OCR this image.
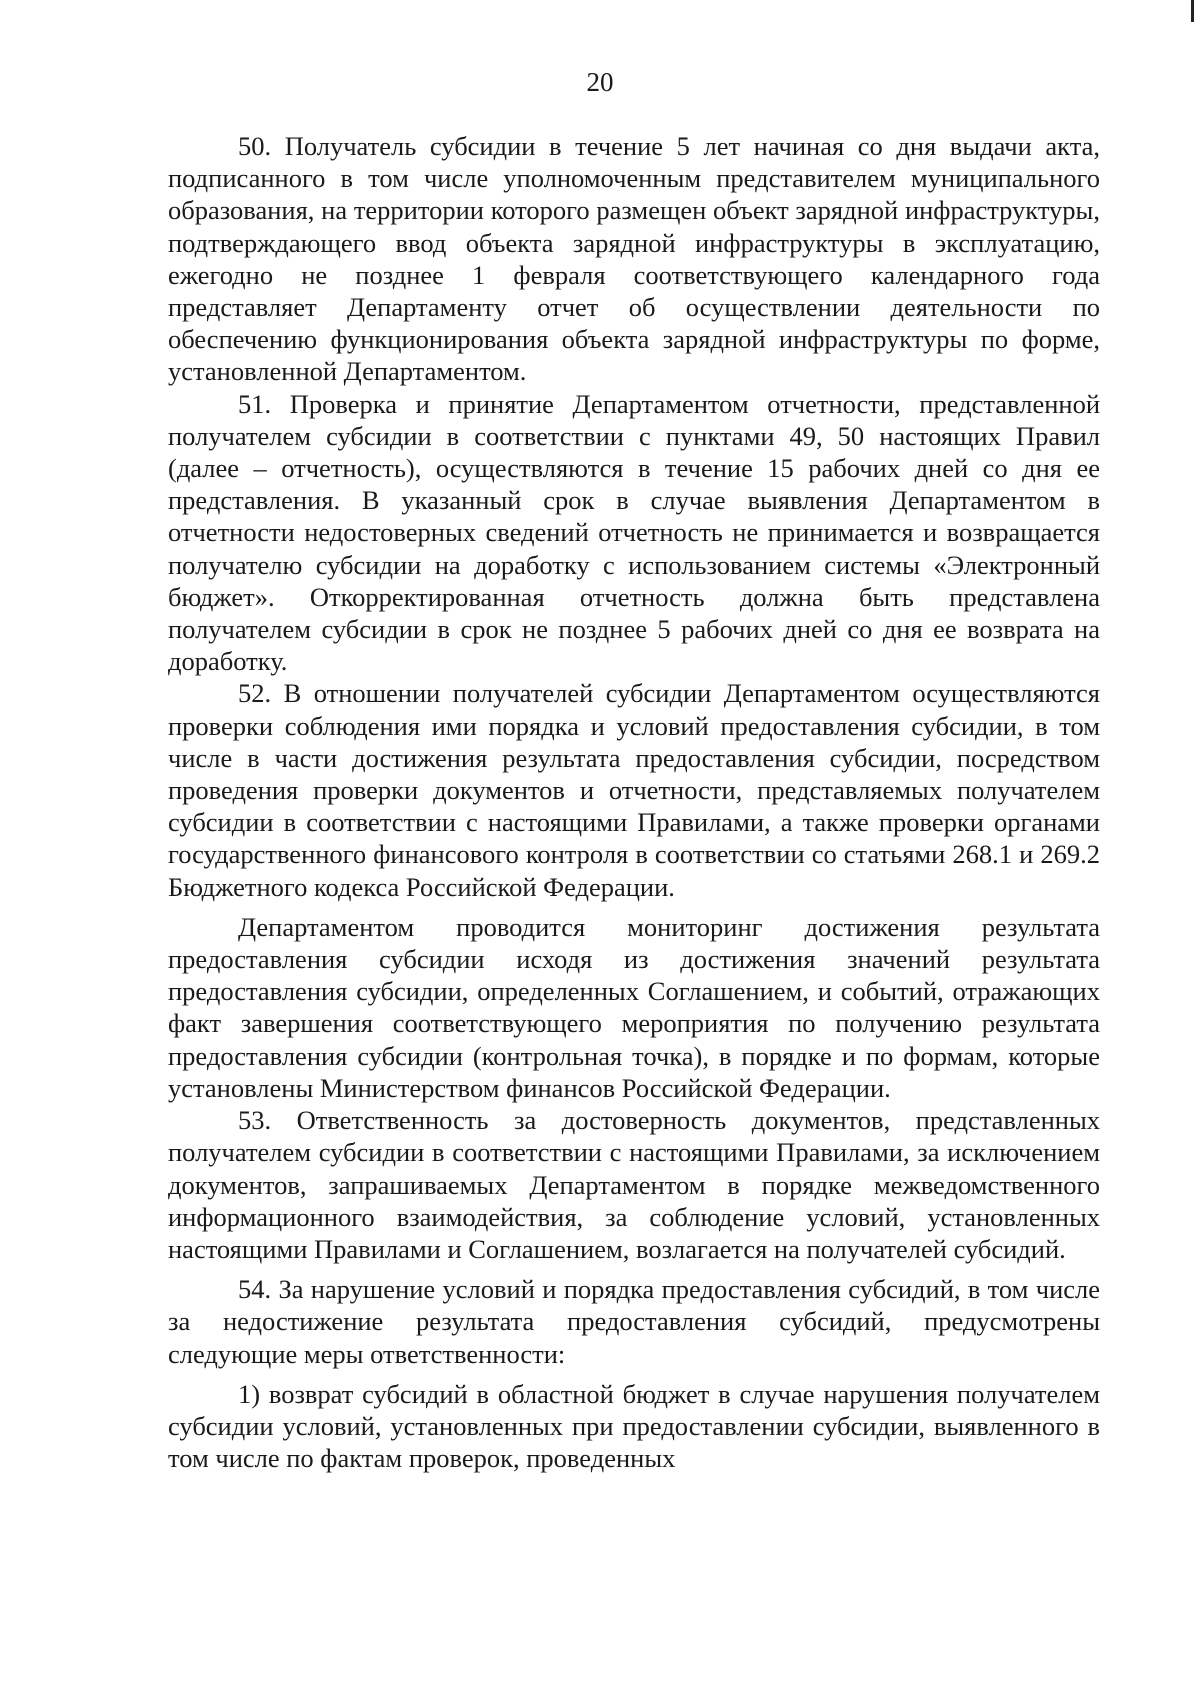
20

50. Получатель субсидии в течение 5 лет начиная со дня выдачи акта, подписанного в том числе уполномоченным представителем муниципального образования, на территории которого размещен объект зарядной инфраструктуры, подтверждающего ввод объекта зарядной инфраструктуры в эксплуатацию, ежегодно не позднее 1 февраля соответствующего календарного года представляет Департаменту отчет об осуществлении деятельности по обеспечению функционирования объекта зарядной инфраструктуры по форме, установленной Департаментом.

51. Проверка и принятие Департаментом отчетности, представленной получателем субсидии в соответствии с пунктами 49, 50 настоящих Правил (далее – отчетность), осуществляются в течение 15 рабочих дней со дня ее представления. В указанный срок в случае выявления Департаментом в отчетности недостоверных сведений отчетность не принимается и возвращается получателю субсидии на доработку с использованием системы «Электронный бюджет». Откорректированная отчетность должна быть представлена получателем субсидии в срок не позднее 5 рабочих дней со дня ее возврата на доработку.

52. В отношении получателей субсидии Департаментом осуществляются проверки соблюдения ими порядка и условий предоставления субсидии, в том числе в части достижения результата предоставления субсидии, посредством проведения проверки документов и отчетности, представляемых получателем субсидии в соответствии с настоящими Правилами, а также проверки органами государственного финансового контроля в соответствии со статьями 268.1 и 269.2 Бюджетного кодекса Российской Федерации.

Департаментом проводится мониторинг достижения результата предоставления субсидии исходя из достижения значений результата предоставления субсидии, определенных Соглашением, и событий, отражающих факт завершения соответствующего мероприятия по получению результата предоставления субсидии (контрольная точка), в порядке и по формам, которые установлены Министерством финансов Российской Федерации.

53. Ответственность за достоверность документов, представленных получателем субсидии в соответствии с настоящими Правилами, за исключением документов, запрашиваемых Департаментом в порядке межведомственного информационного взаимодействия, за соблюдение условий, установленных настоящими Правилами и Соглашением, возлагается на получателей субсидий.

54. За нарушение условий и порядка предоставления субсидий, в том числе за недостижение результата предоставления субсидий, предусмотрены следующие меры ответственности:

1) возврат субсидий в областной бюджет в случае нарушения получателем субсидии условий, установленных при предоставлении субсидии, выявленного в том числе по фактам проверок, проведенных
